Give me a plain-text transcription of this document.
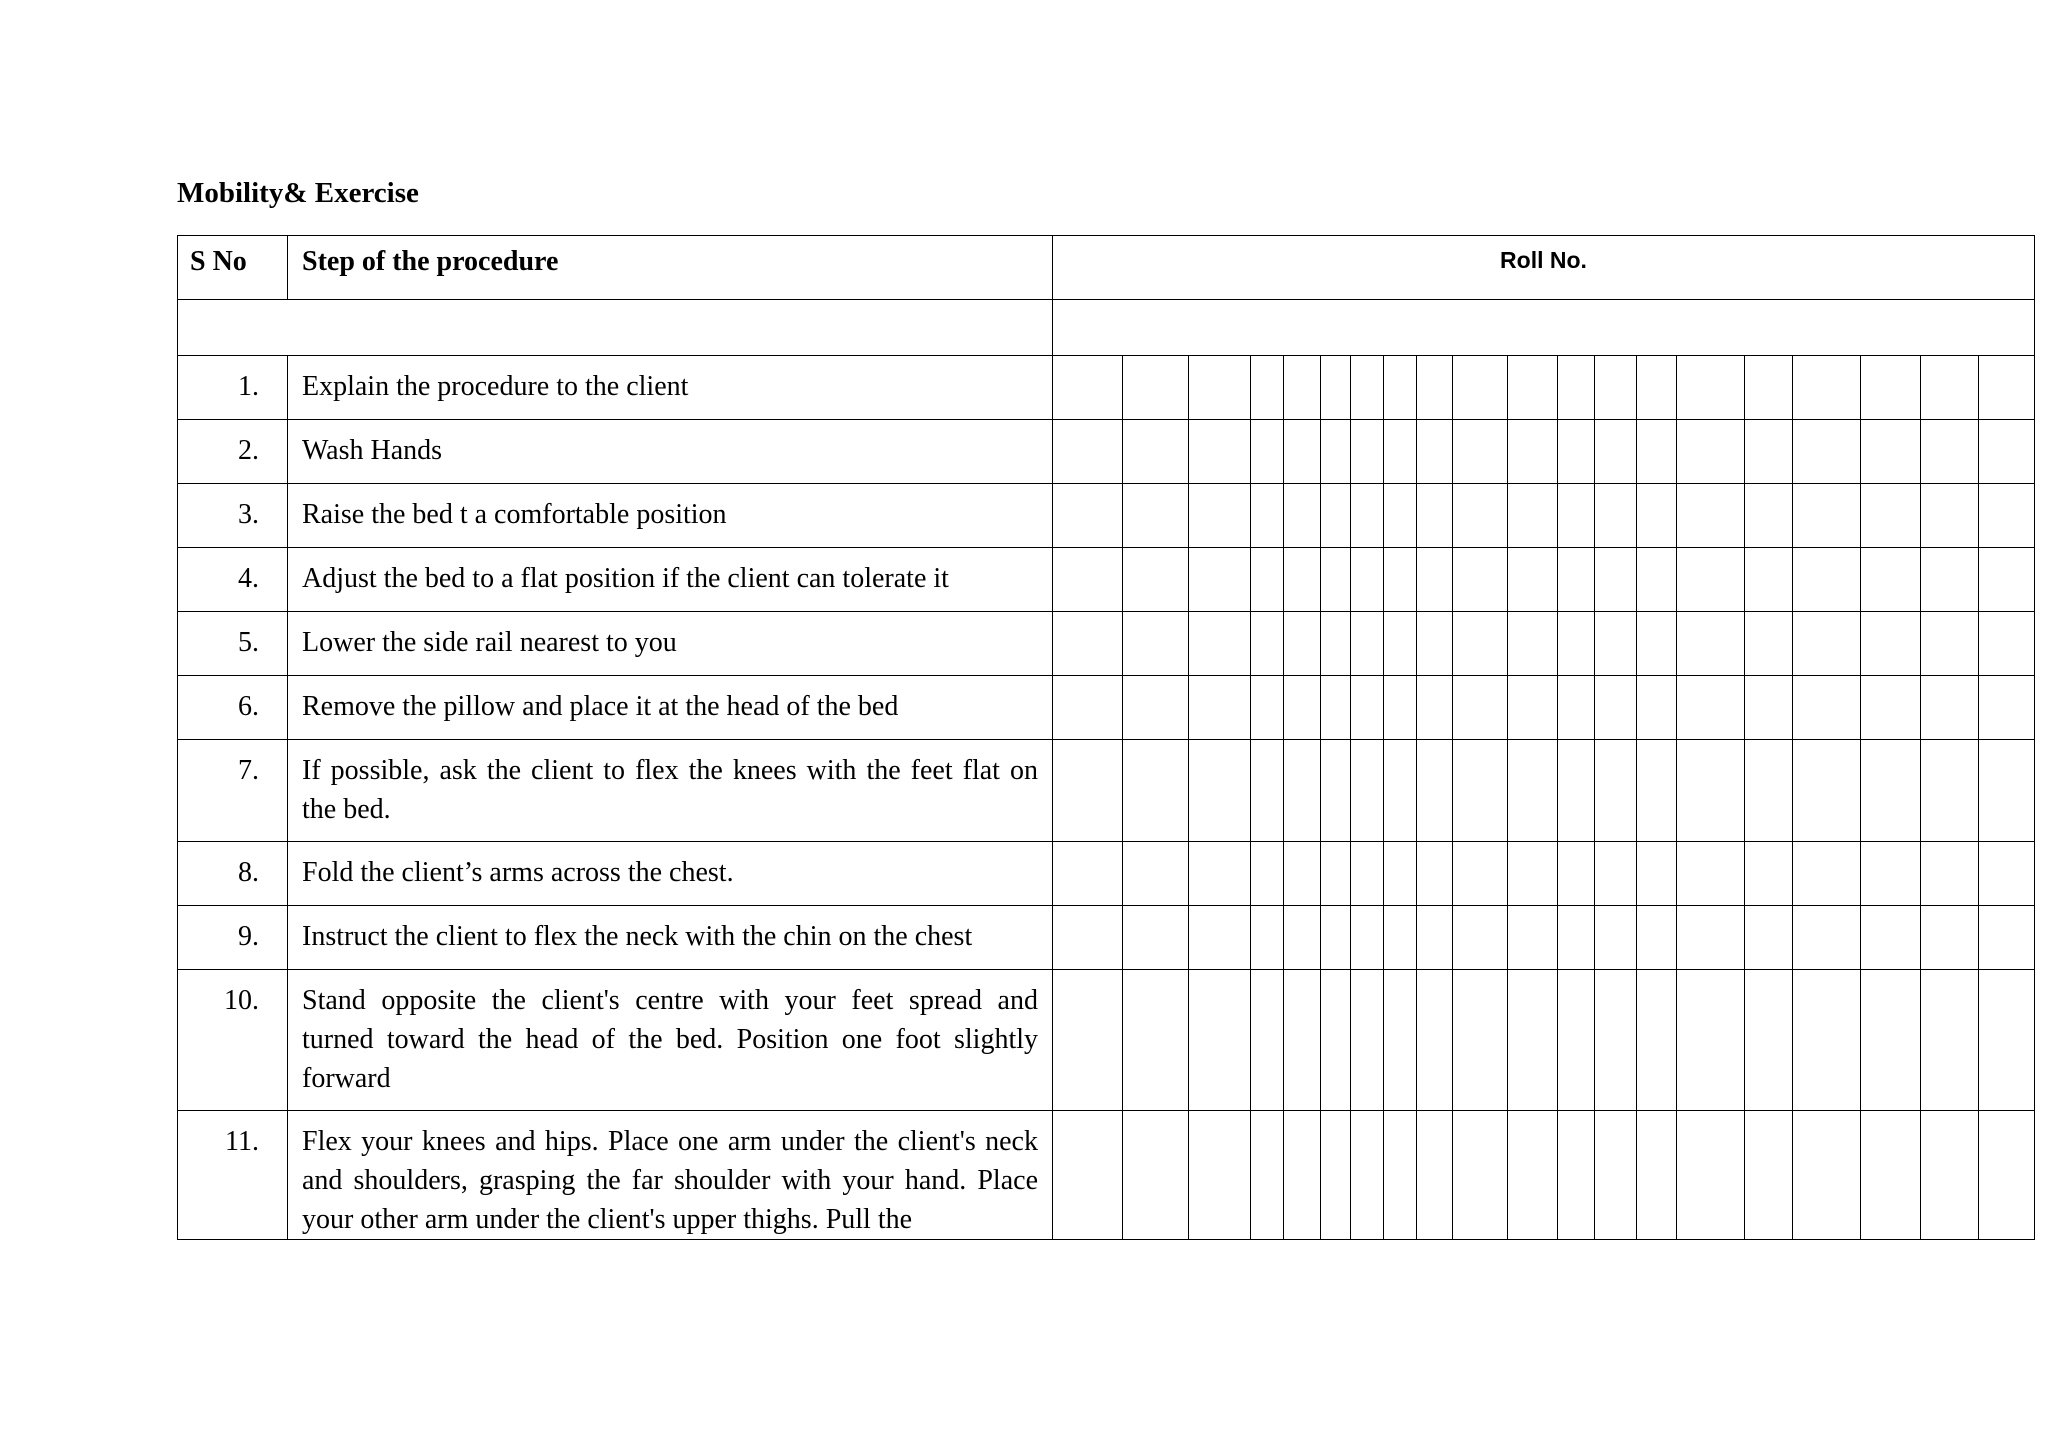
Mobility& Exercise
S No	Step of the procedure	Roll No.																			

1.	Explain the procedure to the client																				
2.	Wash Hands																				
3.	Raise the bed t a comfortable position																				
4.	Adjust the bed to a flat position if the client can tolerate it																				
5.	Lower the side rail nearest to you																				
6.	Remove the pillow and place it at the head of the bed																				
7.	If possible, ask the client to flex the knees with the feet flat on the bed.																				
8.	Fold the client’s arms across the chest.																				
9.	Instruct the client to flex the neck with the chin on the chest																				
10.	Stand opposite the client's centre with your feet spread and turned toward the head of the bed. Position one foot slightly forward																				
11.	Flex your knees and hips. Place one arm under the client's neck and shoulders, grasping the far shoulder with your hand. Place your other arm under the client's upper thighs. Pull the																				
